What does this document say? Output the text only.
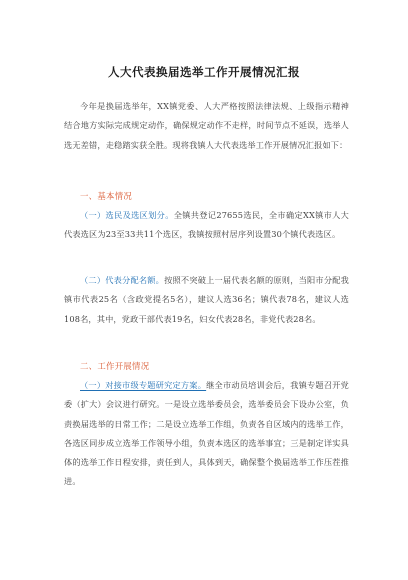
人大代表换届选举工作开展情况汇报

今年是换届选举年，XX镇党委、人大严格按照法律法规、上级指示精神结合地方实际完成规定动作，确保规定动作不走样，时间节点不延误，选举人选无差错，走稳踏实获全胜。现将我镇人大代表选举工作开展情况汇报如下：

一、基本情况

（一）选民及选区划分。全镇共登记27655选民，全市确定XX镇市人大代表选区为23至33共11个选区，我镇按照村居序列设置30个镇代表选区。

（二）代表分配名额。按照不突破上一届代表名额的原则，当阳市分配我镇市代表25名（含政党提名5名），建议人选36名；镇代表78名，建议人选108名，其中，党政干部代表19名，妇女代表28名，非党代表28名。

二、工作开展情况

（一）对接市级专题研究定方案。继全市动员培训会后，我镇专题召开党委（扩大）会议进行研究。一是设立选举委员会，选举委员会下设办公室，负责换届选举的日常工作；二是设立选举工作组，负责各自区域内的选举工作，各选区同步成立选举工作领导小组，负责本选区的选举事宜；三是制定详实具体的选举工作日程安排，责任到人，具体到天，确保整个换届选举工作压茬推进。
